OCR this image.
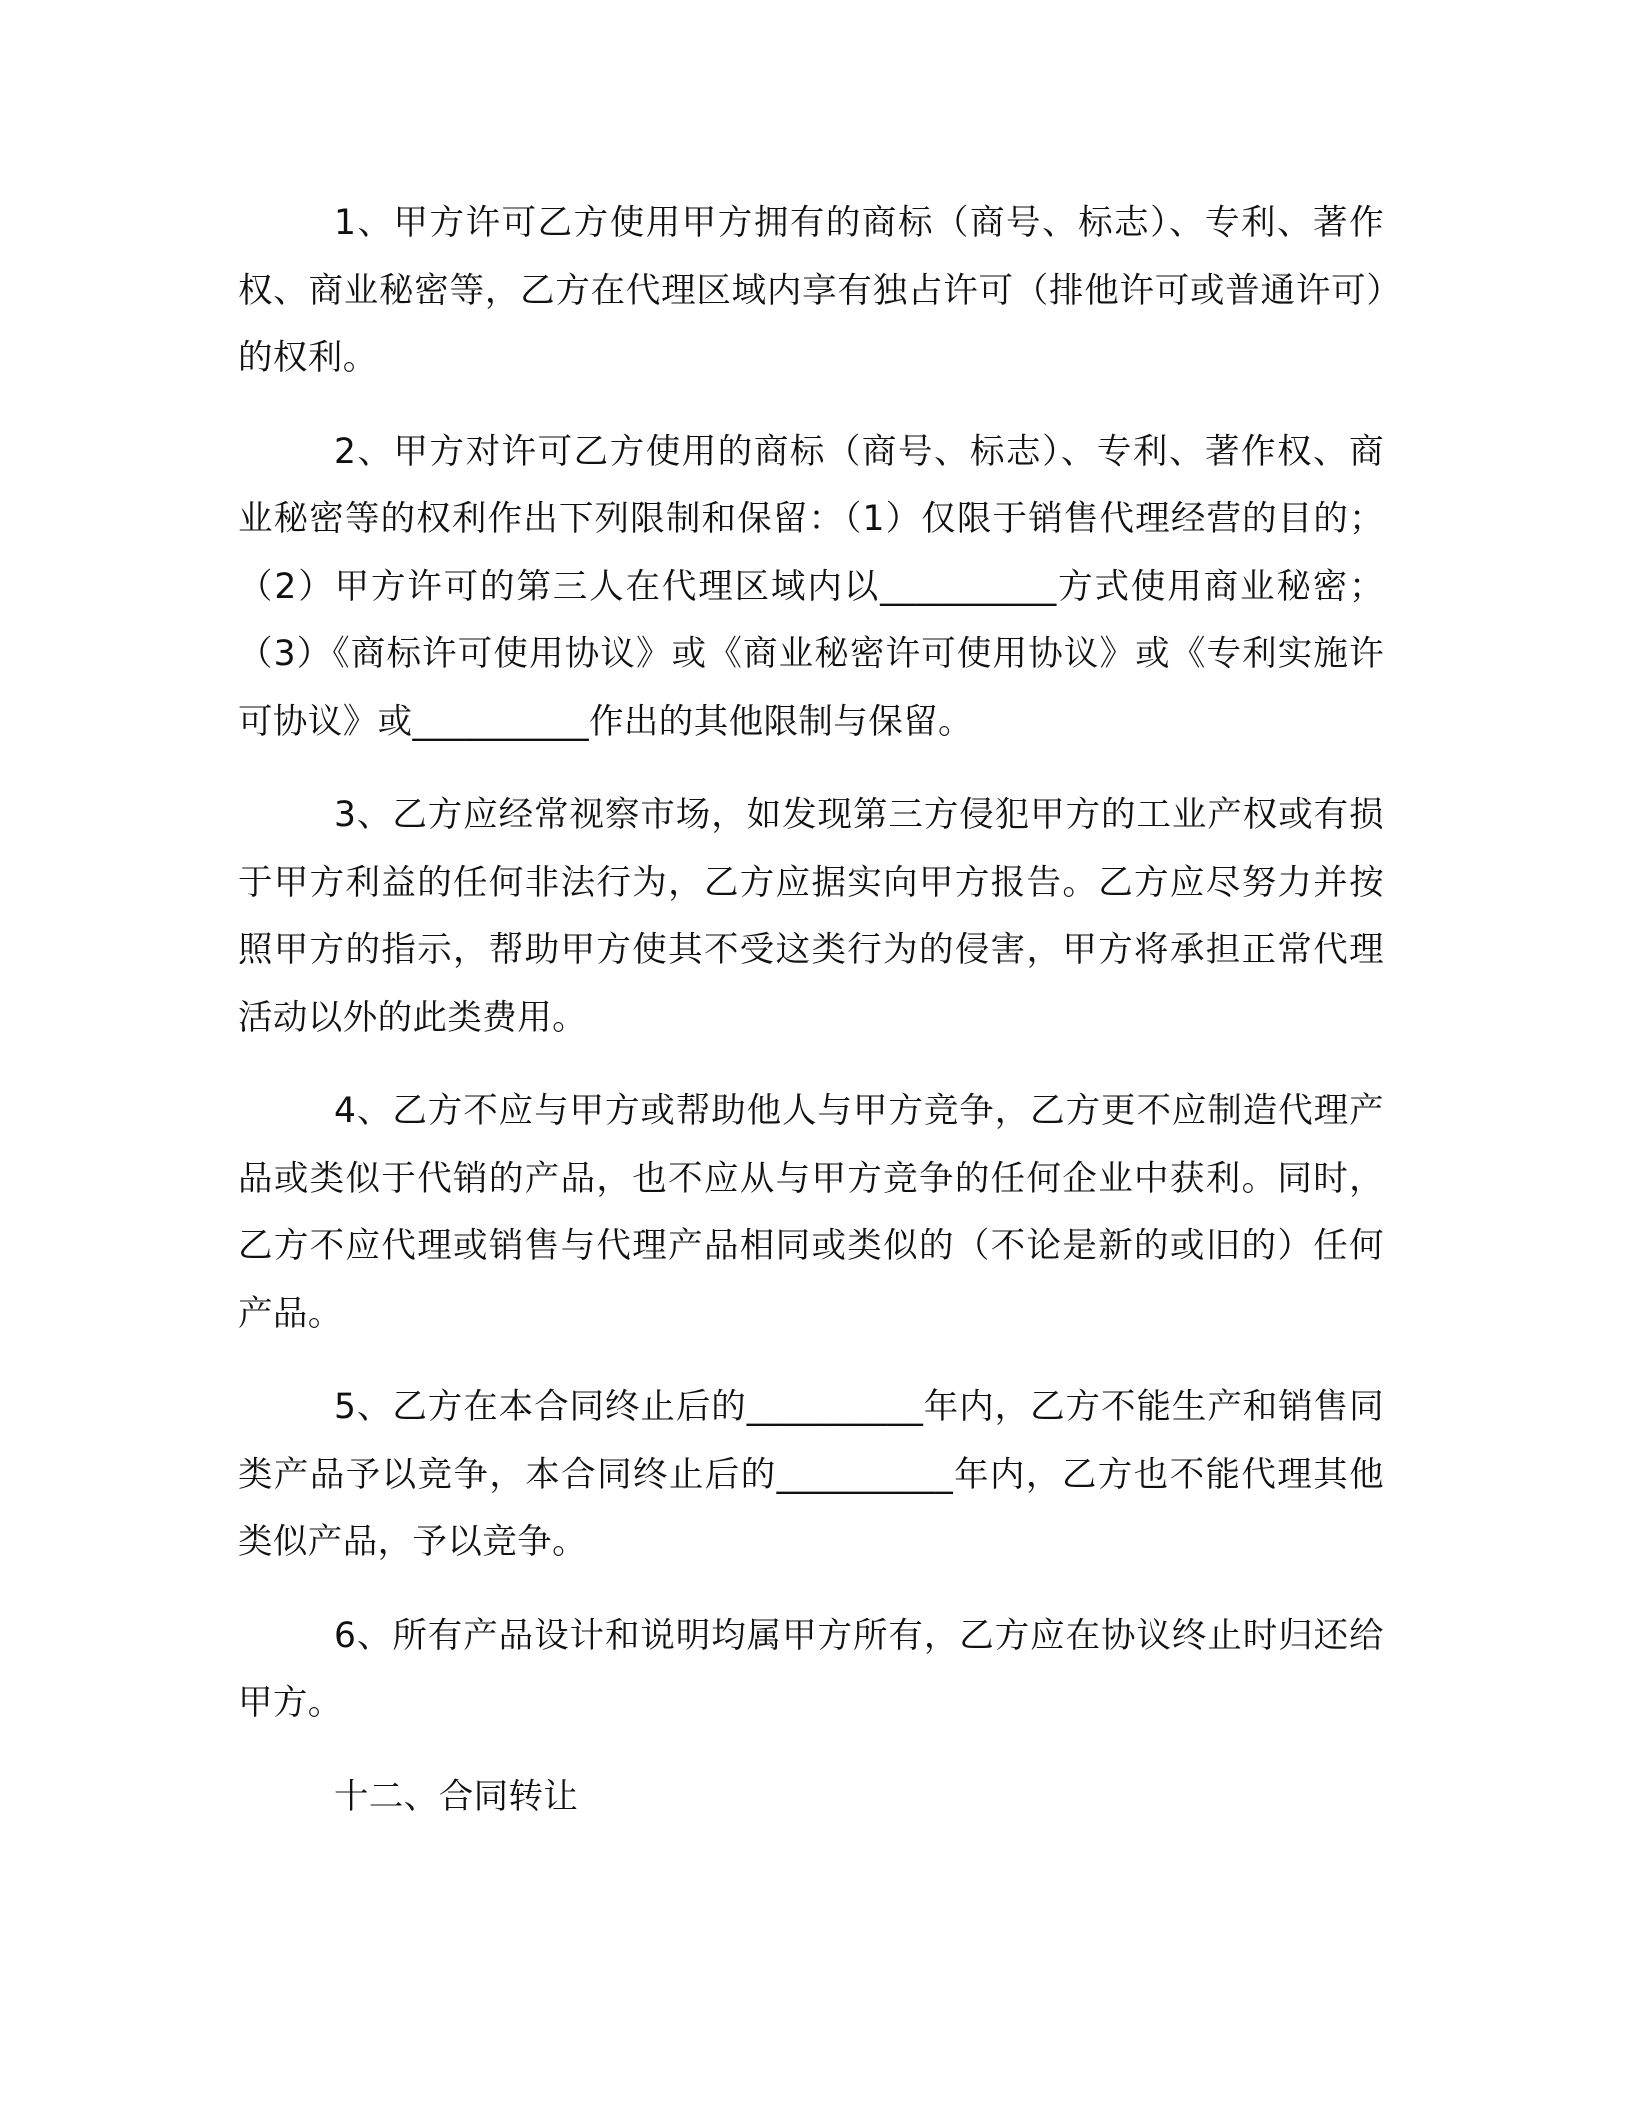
1、甲方许可乙方使用甲方拥有的商标（商号、标志）、专利、著作权、商业秘密等，乙方在代理区域内享有独占许可（排他许可或普通许可）的权利。

2、甲方对许可乙方使用的商标（商号、标志）、专利、著作权、商业秘密等的权利作出下列限制和保留：（1）仅限于销售代理经营的目的；（2）甲方许可的第三人在代理区域内以__________方式使用商业秘密；（3）《商标许可使用协议》或《商业秘密许可使用协议》或《专利实施许可协议》或__________作出的其他限制与保留。

3、乙方应经常视察市场，如发现第三方侵犯甲方的工业产权或有损于甲方利益的任何非法行为，乙方应据实向甲方报告。乙方应尽努力并按照甲方的指示，帮助甲方使其不受这类行为的侵害，甲方将承担正常代理活动以外的此类费用。

4、乙方不应与甲方或帮助他人与甲方竞争，乙方更不应制造代理产品或类似于代销的产品，也不应从与甲方竞争的任何企业中获利。同时，乙方不应代理或销售与代理产品相同或类似的（不论是新的或旧的）任何产品。

5、乙方在本合同终止后的__________年内，乙方不能生产和销售同类产品予以竞争，本合同终止后的__________年内，乙方也不能代理其他类似产品，予以竞争。

6、所有产品设计和说明均属甲方所有，乙方应在协议终止时归还给甲方。

十二、合同转让
